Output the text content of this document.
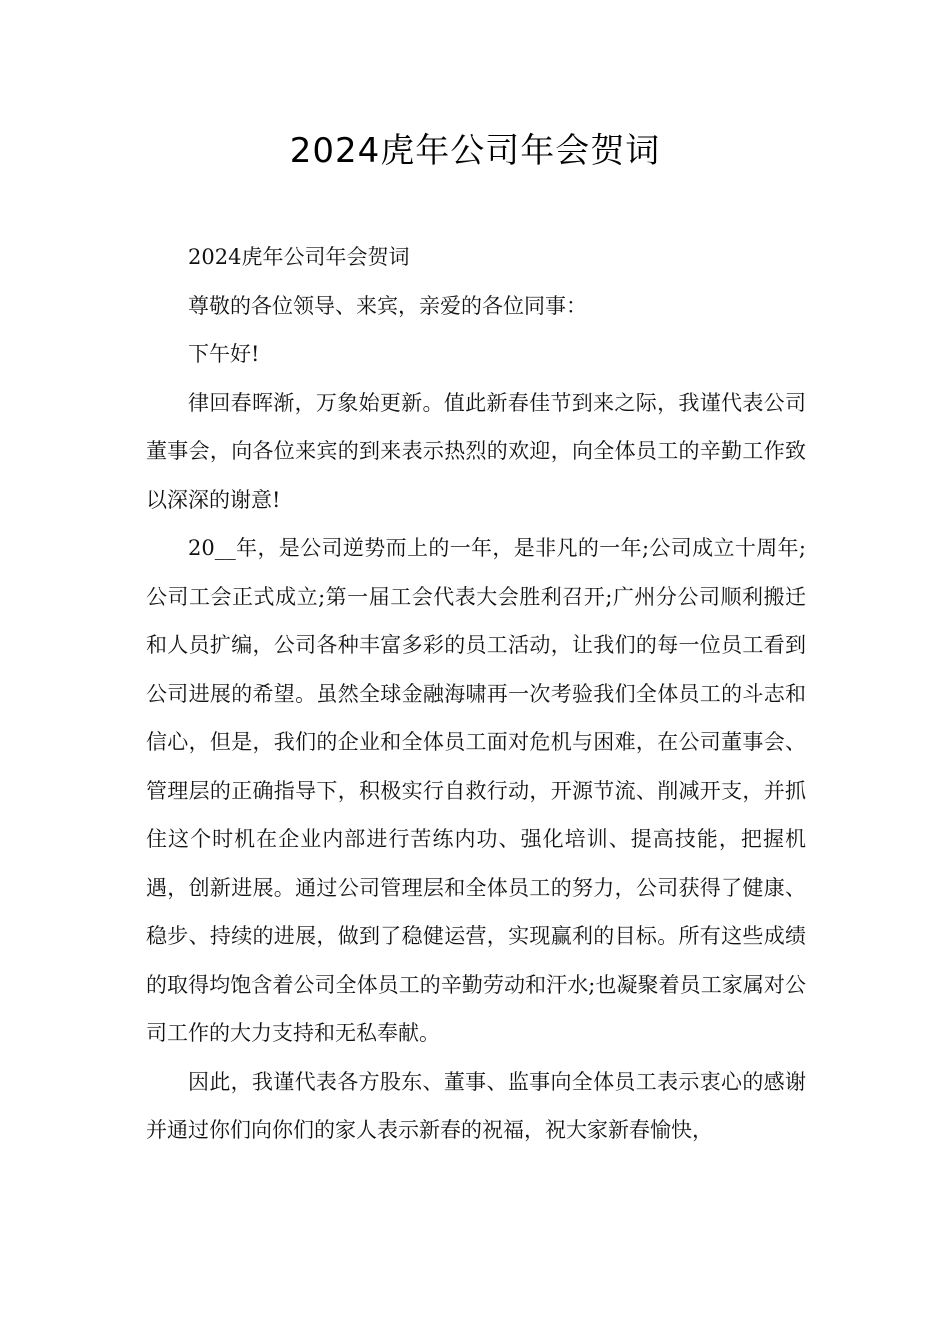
2024虎年公司年会贺词

2024虎年公司年会贺词

尊敬的各位领导、来宾，亲爱的各位同事：

下午好!

律回春晖渐，万象始更新。值此新春佳节到来之际，我谨代表公司董事会，向各位来宾的到来表示热烈的欢迎，向全体员工的辛勤工作致以深深的谢意!

20__年，是公司逆势而上的一年，是非凡的一年;公司成立十周年;公司工会正式成立;第一届工会代表大会胜利召开;广州分公司顺利搬迁和人员扩编，公司各种丰富多彩的员工活动，让我们的每一位员工看到公司进展的希望。虽然全球金融海啸再一次考验我们全体员工的斗志和信心，但是，我们的企业和全体员工面对危机与困难，在公司董事会、管理层的正确指导下，积极实行自救行动，开源节流、削减开支，并抓住这个时机在企业内部进行苦练内功、强化培训、提高技能，把握机遇，创新进展。通过公司管理层和全体员工的努力，公司获得了健康、稳步、持续的进展，做到了稳健运营，实现赢利的目标。所有这些成绩的取得均饱含着公司全体员工的辛勤劳动和汗水;也凝聚着员工家属对公司工作的大力支持和无私奉献。

因此，我谨代表各方股东、董事、监事向全体员工表示衷心的感谢并通过你们向你们的家人表示新春的祝福，祝大家新春愉快，
